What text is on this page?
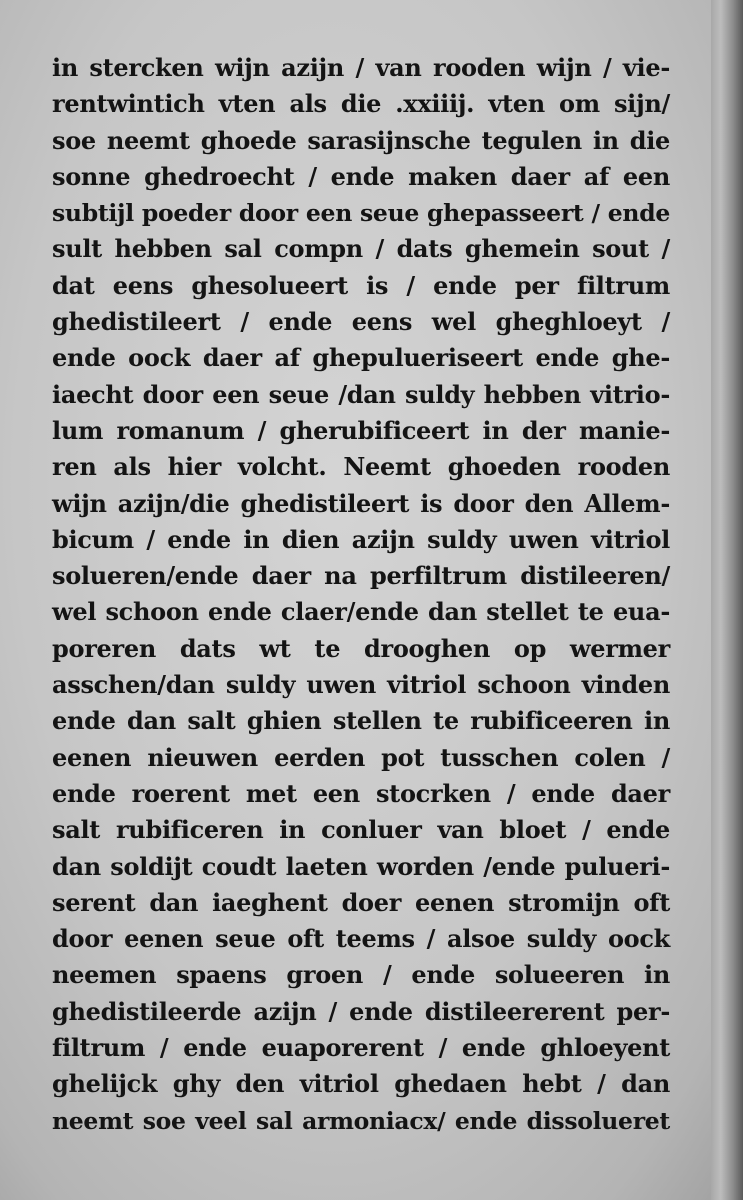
in stercken wijn azijn / van rooden wijn / vie-
rentwintich vten als die .xxiiij. vten om sijn/
soe neemt ghoede sarasijnsche tegulen in die
sonne ghedroecht / ende maken daer af een
subtijl poeder door een seue ghepasseert / ende
sult hebben sal compn / dats ghemein sout /
dat eens ghesolueert is / ende per filtrum
ghedistileert / ende eens wel gheghloeyt /
ende oock daer af ghepulueriseert ende ghe-
iaecht door een seue /dan suldy hebben vitrio-
lum romanum / gherubificeert in der manie-
ren als hier volcht. Neemt ghoeden rooden
wijn azijn/die ghedistileert is door den Allem-
bicum / ende in dien azijn suldy uwen vitriol
solueren/ende daer na perfiltrum distileeren/
wel schoon ende claer/ende dan stellet te eua-
poreren dats wt te drooghen op wermer
asschen/dan suldy uwen vitriol schoon vinden
ende dan salt ghien stellen te rubificeeren in
eenen nieuwen eerden pot tusschen colen /
ende roerent met een stocrken / ende daer
salt rubificeren in conluer van bloet / ende
dan soldijt coudt laeten worden /ende pulueri-
serent dan iaeghent doer eenen stromijn oft
door eenen seue oft teems / alsoe suldy oock
neemen spaens groen / ende solueeren in
ghedistileerde azijn / ende distileererent per-
filtrum / ende euaporerent / ende ghloeyent
ghelijck ghy den vitriol ghedaen hebt / dan
neemt soe veel sal armoniacx/ ende dissolueret
